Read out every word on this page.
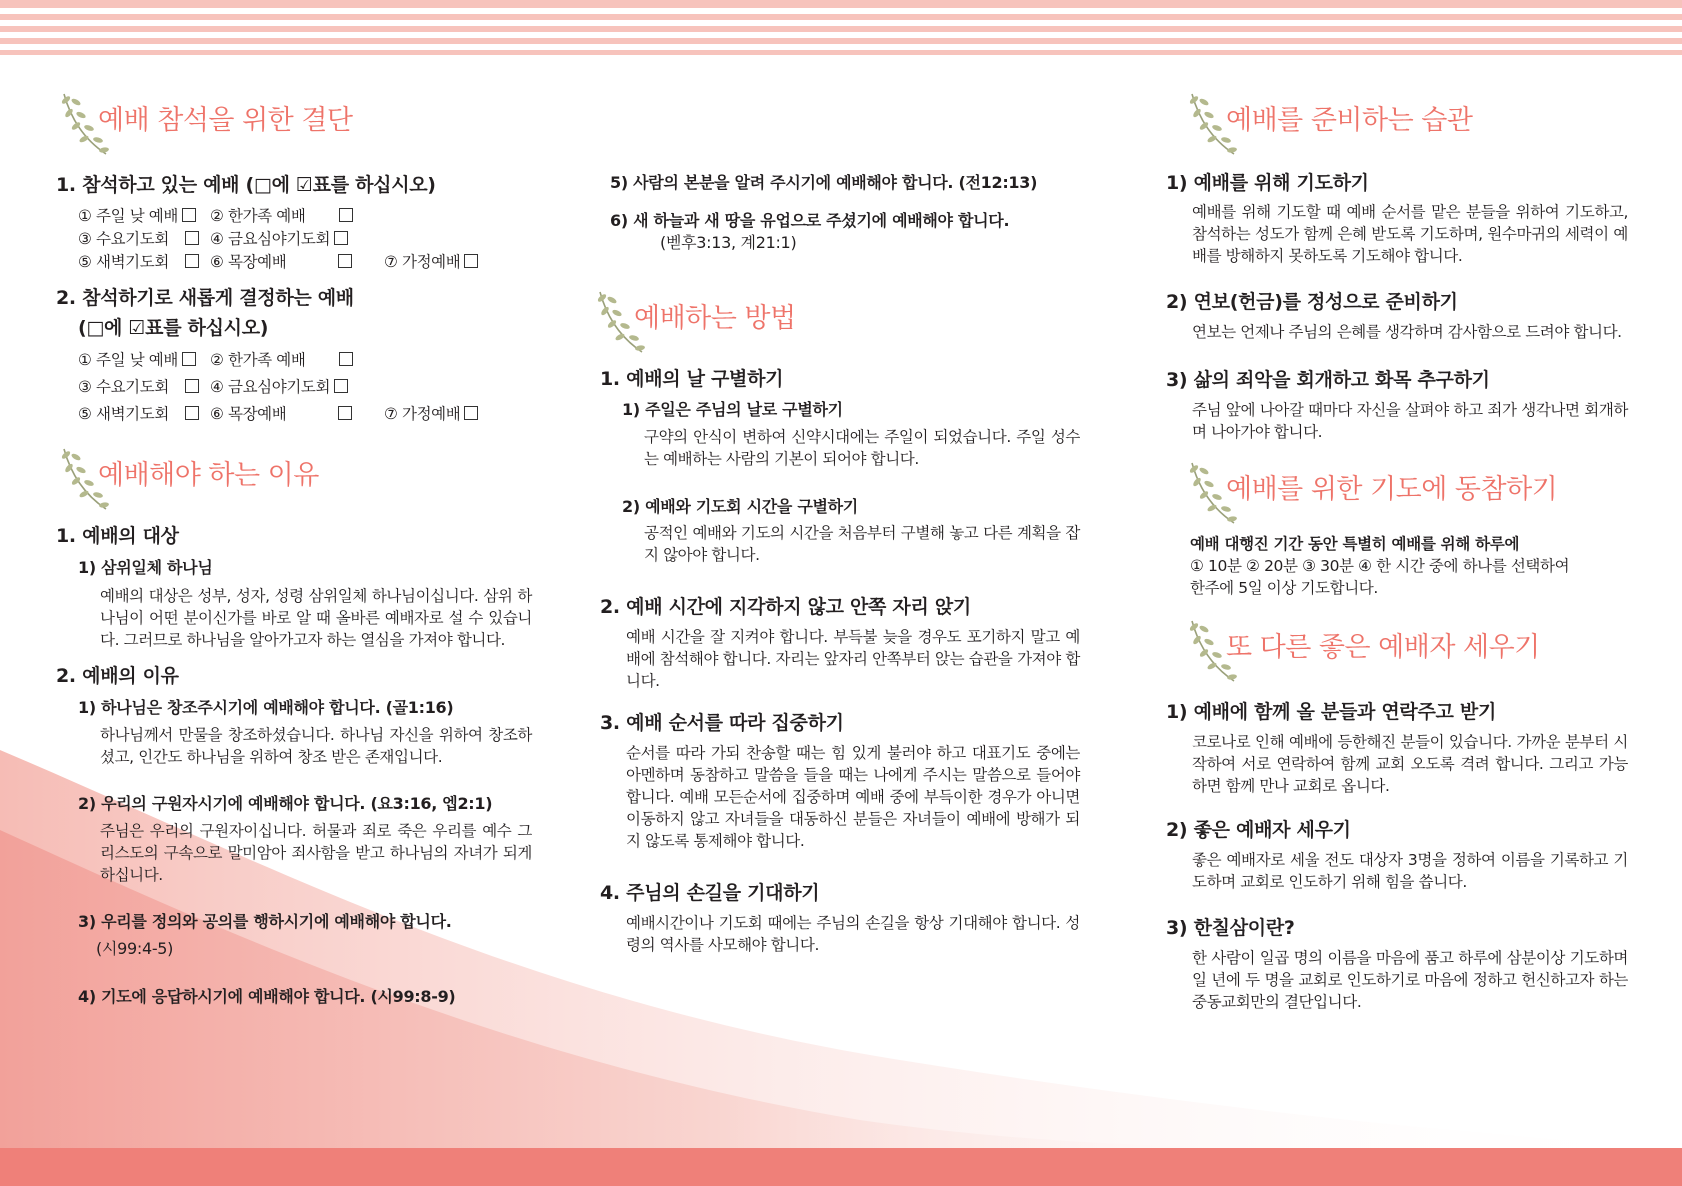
예배 참석을 위한 결단

1. 참석하고 있는 예배 (□에 ☑표를 하십시오)

① 주일 낮 예배	② 한가족 예배
③ 수요기도회	④ 금요심야기도회
⑤ 새벽기도회	⑥ 목장예배	⑦ 가정예배

2. 참석하기로 새롭게 결정하는 예배

(□에 ☑표를 하십시오)

① 주일 낮 예배	② 한가족 예배
③ 수요기도회	④ 금요심야기도회
⑤ 새벽기도회	⑥ 목장예배	⑦ 가정예배
예배해야 하는 이유

1. 예배의 대상

1) 삼위일체 하나님

예배의 대상은 성부, 성자, 성령 삼위일체 하나님이십니다. 삼위 하나님이 어떤 분이신가를 바로 알 때 올바른 예배자로 설 수 있습니다. 그러므로 하나님을 알아가고자 하는 열심을 가져야 합니다.

2. 예배의 이유

1) 하나님은 창조주시기에 예배해야 합니다. (골1:16)

하나님께서 만물을 창조하셨습니다. 하나님 자신을 위하여 창조하셨고, 인간도 하나님을 위하여 창조 받은 존재입니다.

2) 우리의 구원자시기에 예배해야 합니다. (요3:16, 엡2:1)

주님은 우리의 구원자이십니다. 허물과 죄로 죽은 우리를 예수 그리스도의 구속으로 말미암아 죄사함을 받고 하나님의 자녀가 되게 하십니다.

3) 우리를 정의와 공의를 행하시기에 예배해야 합니다.

(시99:4-5)

4) 기도에 응답하시기에 예배해야 합니다. (시99:8-9)

5) 사람의 본분을 알려 주시기에 예배해야 합니다. (전12:13)

6) 새 하늘과 새 땅을 유업으로 주셨기에 예배해야 합니다.

(벧후3:13, 계21:1)

예배하는 방법

1. 예배의 날 구별하기

1) 주일은 주님의 날로 구별하기

구약의 안식이 변하여 신약시대에는 주일이 되었습니다. 주일 성수는 예배하는 사람의 기본이 되어야 합니다.

2) 예배와 기도회 시간을 구별하기

공적인 예배와 기도의 시간을 처음부터 구별해 놓고 다른 계획을 잡지 않아야 합니다.

2. 예배 시간에 지각하지 않고 안쪽 자리 앉기

예배 시간을 잘 지켜야 합니다. 부득불 늦을 경우도 포기하지 말고 예배에 참석해야 합니다. 자리는 앞자리 안쪽부터 앉는 습관을 가져야 합니다.

3. 예배 순서를 따라 집중하기

순서를 따라 가되 찬송할 때는 힘 있게 불러야 하고 대표기도 중에는 아멘하며 동참하고 말씀을 들을 때는 나에게 주시는 말씀으로 들어야 합니다. 예배 모든순서에 집중하며 예배 중에 부득이한 경우가 아니면 이동하지 않고 자녀들을 대동하신 분들은 자녀들이 예배에 방해가 되지 않도록 통제해야 합니다.

4. 주님의 손길을 기대하기

예배시간이나 기도회 때에는 주님의 손길을 항상 기대해야 합니다. 성령의 역사를 사모해야 합니다.

예배를 준비하는 습관

1) 예배를 위해 기도하기

예배를 위해 기도할 때 예배 순서를 맡은 분들을 위하여 기도하고, 참석하는 성도가 함께 은혜 받도록 기도하며, 원수마귀의 세력이 예배를 방해하지 못하도록 기도해야 합니다.

2) 연보(헌금)를 정성으로 준비하기

연보는 언제나 주님의 은혜를 생각하며 감사함으로 드려야 합니다.

3) 삶의 죄악을 회개하고 화목 추구하기

주님 앞에 나아갈 때마다 자신을 살펴야 하고 죄가 생각나면 회개하며 나아가야 합니다.

예배를 위한 기도에 동참하기

예배 대행진 기간 동안 특별히 예배를 위해 하루에

① 10분 ② 20분 ③ 30분 ④ 한 시간 중에 하나를 선택하여

한주에 5일 이상 기도합니다.

또 다른 좋은 예배자 세우기

1) 예배에 함께 올 분들과 연락주고 받기

코로나로 인해 예배에 등한해진 분들이 있습니다. 가까운 분부터 시작하여 서로 연락하여 함께 교회 오도록 격려 합니다. 그리고 가능하면 함께 만나 교회로 옵니다.

2) 좋은 예배자 세우기

좋은 예배자로 세울 전도 대상자 3명을 정하여 이름을 기록하고 기도하며 교회로 인도하기 위해 힘을 씁니다.

3) 한칠삼이란?

한 사람이 일곱 명의 이름을 마음에 품고 하루에 삼분이상 기도하며 일 년에 두 명을 교회로 인도하기로 마음에 정하고 헌신하고자 하는 중동교회만의 결단입니다.
